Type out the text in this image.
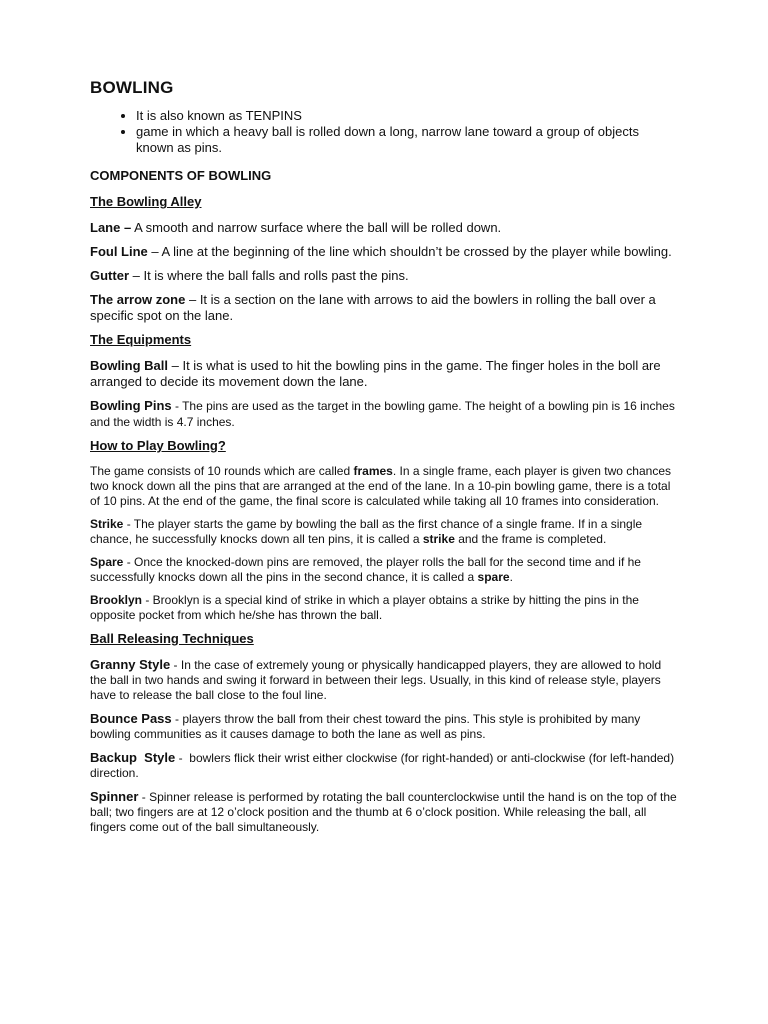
BOWLING
• It is also known as TENPINS
• game in which a heavy ball is rolled down a long, narrow lane toward a group of objects known as pins.
COMPONENTS OF BOWLING
The Bowling Alley

Lane – A smooth and narrow surface where the ball will be rolled down.

Foul Line – A line at the beginning of the line which shouldn’t be crossed by the player while bowling.

Gutter – It is where the ball falls and rolls past the pins.

The arrow zone – It is a section on the lane with arrows to aid the bowlers in rolling the ball over a specific spot on the lane.

The Equipments

Bowling Ball – It is what is used to hit the bowling pins in the game. The finger holes in the boll are arranged to decide its movement down the lane.

Bowling Pins - The pins are used as the target in the bowling game. The height of a bowling pin is 16 inches and the width is 4.7 inches.

How to Play Bowling?

The game consists of 10 rounds which are called frames. In a single frame, each player is given two chances two knock down all the pins that are arranged at the end of the lane. In a 10-pin bowling game, there is a total of 10 pins. At the end of the game, the final score is calculated while taking all 10 frames into consideration.

Strike - The player starts the game by bowling the ball as the first chance of a single frame. If in a single chance, he successfully knocks down all ten pins, it is called a strike and the frame is completed.

Spare - Once the knocked-down pins are removed, the player rolls the ball for the second time and if he successfully knocks down all the pins in the second chance, it is called a spare.

Brooklyn - Brooklyn is a special kind of strike in which a player obtains a strike by hitting the pins in the opposite pocket from which he/she has thrown the ball.

Ball Releasing Techniques

Granny Style - In the case of extremely young or physically handicapped players, they are allowed to hold the ball in two hands and swing it forward in between their legs. Usually, in this kind of release style, players have to release the ball close to the foul line.

Bounce Pass - players throw the ball from their chest toward the pins. This style is prohibited by many bowling communities as it causes damage to both the lane as well as pins.

Backup  Style -  bowlers flick their wrist either clockwise (for right-handed) or anti-clockwise (for left-handed) direction.

Spinner - Spinner release is performed by rotating the ball counterclockwise until the hand is on the top of the ball; two fingers are at 12 o’clock position and the thumb at 6 o’clock position. While releasing the ball, all fingers come out of the ball simultaneously.
